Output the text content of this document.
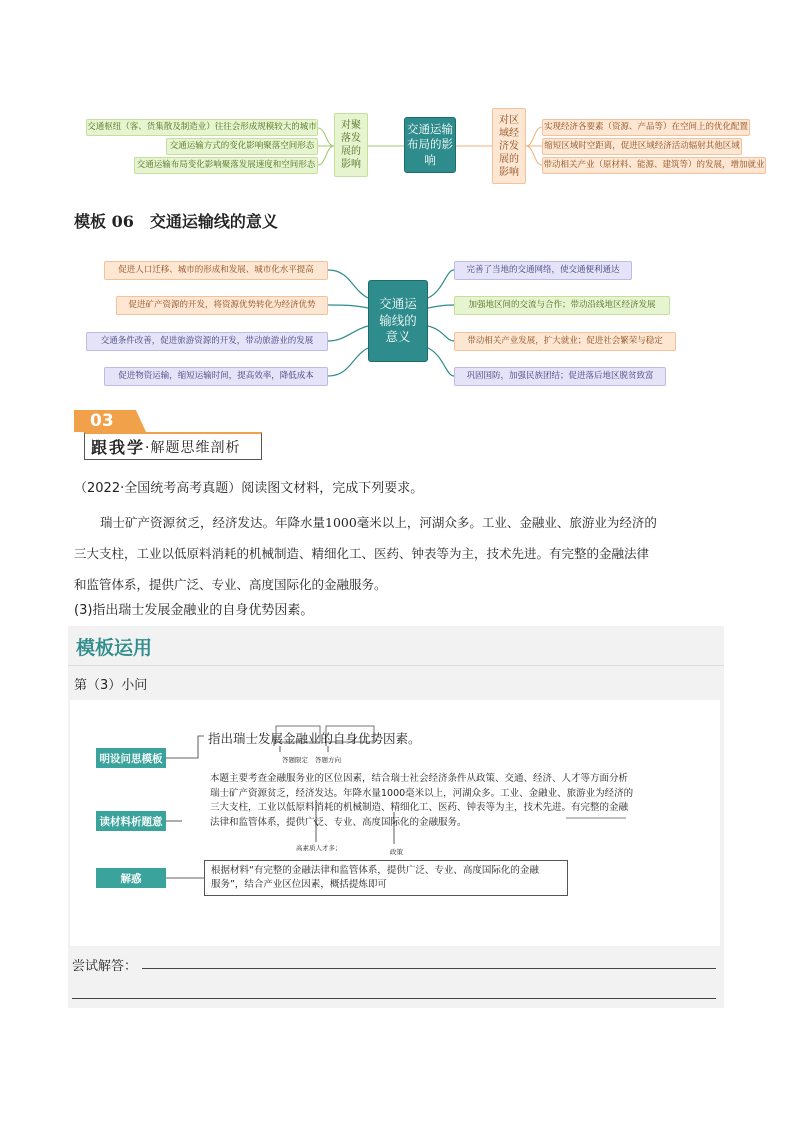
交通枢纽（客、货集散及制造业）往往会形成规模较大的城市
交通运输方式的变化影响聚落空间形态
交通运输布局变化影响聚落发展速度和空间形态
对聚落发展的影响
交通运输布局的影响
对区域经济发展的影响
实现经济各要素（资源、产品等）在空间上的优化配置
缩短区域时空距离，促进区域经济活动辐射其他区域
带动相关产业（原材料、能源、建筑等）的发展，增加就业
模板 06　交通运输线的意义
促进人口迁移、城市的形成和发展、城市化水平提高
促进矿产资源的开发，将资源优势转化为经济优势
交通条件改善，促进旅游资源的开发，带动旅游业的发展
促进物资运输，缩短运输时间，提高效率，降低成本
交通运输线的意义
完善了当地的交通网络，使交通便利通达
加强地区间的交流与合作；带动沿线地区经济发展
带动相关产业发展，扩大就业；促进社会繁荣与稳定
巩固国防，加强民族团结；促进落后地区脱贫致富
03
跟我学 ·解题思维剖析
（2022·全国统考高考真题）阅读图文材料，完成下列要求。
瑞士矿产资源贫乏，经济发达。年降水量1000毫米以上，河湖众多。工业、金融业、旅游业为经济的
三大支柱，工业以低原料消耗的机械制造、精细化工、医药、钟表等为主，技术先进。有完整的金融法律
和监管体系，提供广泛、专业、高度国际化的金融服务。
(3)指出瑞士发展金融业的自身优势因素。
模板运用
第（3）小问
明设问思模板
读材料析题意
解惑
指出瑞士发展金融业的自身优势因素。
答题限定 答题方向
本题主要考查金融服务业的区位因素，结合瑞士社会经济条件从政策、交通、经济、人才等方面分析
瑞士矿产资源贫乏，经济发达。年降水量1000毫米以上，河湖众多。工业、金融业、旅游业为经济的
三大支柱，工业以低原料消耗的机械制造、精细化工、医药、钟表等为主，技术先进。有完整的金融
法律和监管体系，提供广泛、专业、高度国际化的金融服务。
高素质人才多；	政策
根据材料“有完整的金融法律和监管体系，提供广泛、专业、高度国际化的金融
服务”，结合产业区位因素，概括提炼即可
尝试解答：
